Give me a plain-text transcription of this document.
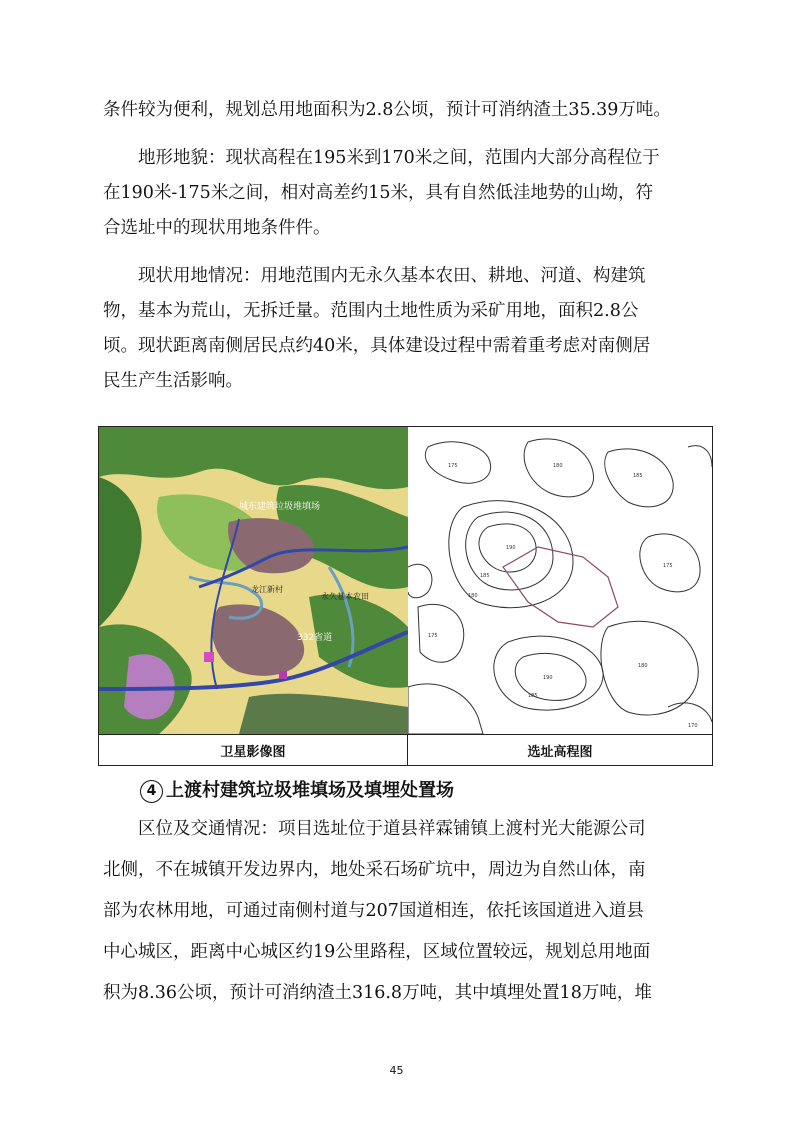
条件较为便利，规划总用地面积为2.8公顷，预计可消纳渣土35.39万吨。

地形地貌：现状高程在195米到170米之间，范围内大部分高程位于
在190米-175米之间，相对高差约15米，具有自然低洼地势的山坳，符
合选址中的现状用地条件件。
现状用地情况：用地范围内无永久基本农田、耕地、河道、构建筑
物，基本为荒山，无拆迁量。范围内土地性质为采矿用地，面积2.8公
顷。现状距离南侧居民点约40米，具体建设过程中需着重考虑对南侧居
民生产生活影响。
城东建筑垃圾堆填场
龙江新村
永久基本农田
332省道
175	180
185
190
185
180
175
190
185
180
175
170
卫星影像图	选址高程图
4 上渡村建筑垃圾堆填场及填埋处置场
区位及交通情况：项目选址位于道县祥霖铺镇上渡村光大能源公司
北侧，不在城镇开发边界内，地处采石场矿坑中，周边为自然山体，南
部为农林用地，可通过南侧村道与207国道相连，依托该国道进入道县
中心城区，距离中心城区约19公里路程，区域位置较远，规划总用地面
积为8.36公顷，预计可消纳渣土316.8万吨，其中填埋处置18万吨，堆
45
